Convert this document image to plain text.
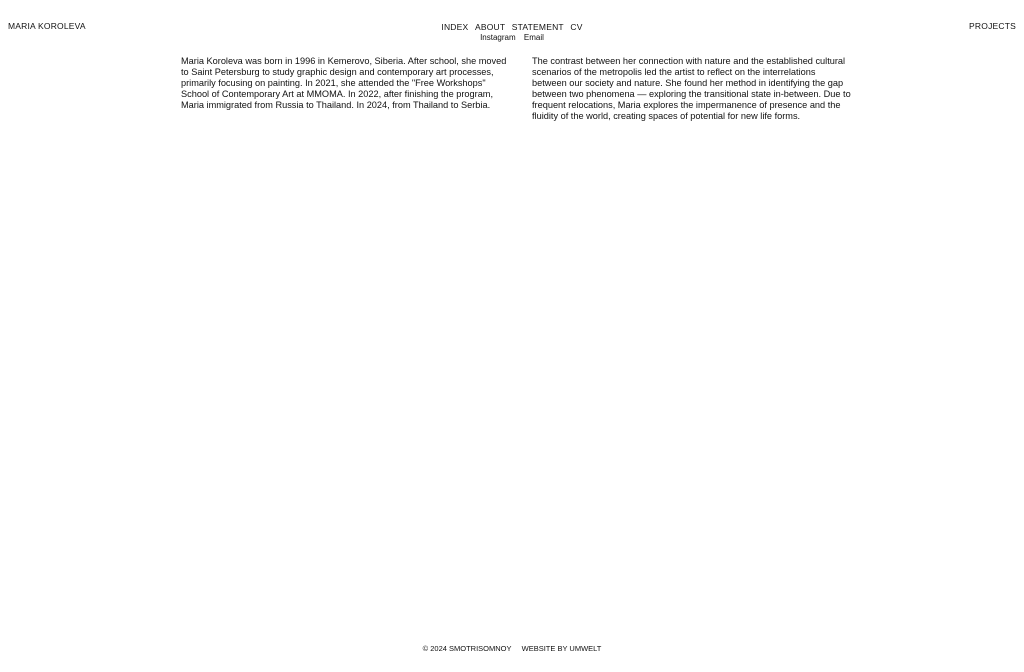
MARIA KOROLEVA	INDEX ABOUT STATEMENT CV
Instagram Email
PROJECTS

Maria Koroleva was born in 1996 in Kemerovo, Siberia. After school, she moved to Saint Petersburg to study graphic design and contemporary art processes, primarily focusing on painting. In 2021, she attended the "Free Workshops" School of Contemporary Art at MMOMA. In 2022, after finishing the program, Maria immigrated from Russia to Thailand. In 2024, from Thailand to Serbia.

The contrast between her connection with nature and the established cultural scenarios of the metropolis led the artist to reflect on the interrelations between our society and nature. She found her method in identifying the gap between two phenomena — exploring the transitional state in-between. Due to frequent relocations, Maria explores the impermanence of presence and the fluidity of the world, creating spaces of potential for new life forms.

© 2024 SMOTRISOMNOY WEBSITE BY UMWELT
